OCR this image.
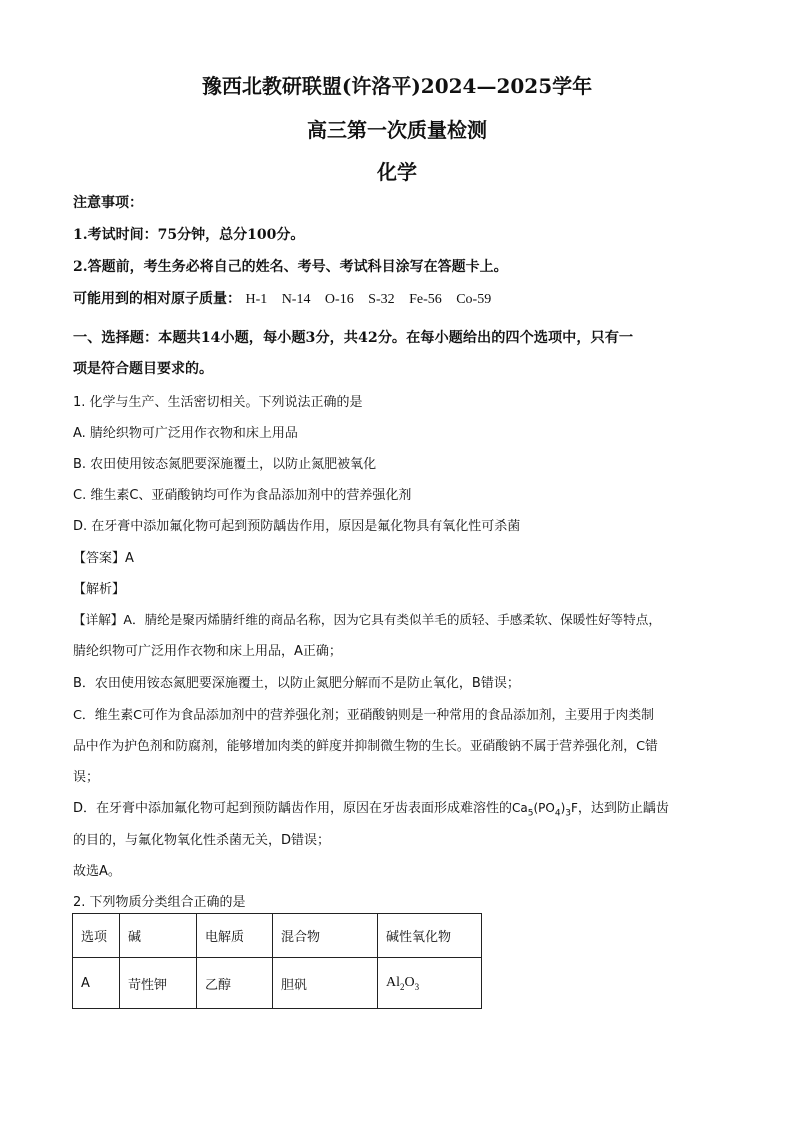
豫西北教研联盟(许洛平)2024—2025学年
高三第一次质量检测
化学
注意事项：
1.考试时间：75分钟，总分100分。
2.答题前，考生务必将自己的姓名、考号、考试科目涂写在答题卡上。
可能用到的相对原子质量： H-1 N-14 O-16 S-32 Fe-56 Co-59
一、选择题：本题共14小题，每小题3分，共42分。在每小题给出的四个选项中，只有一
项是符合题目要求的。
1. 化学与生产、生活密切相关。下列说法正确的是
A. 腈纶织物可广泛用作衣物和床上用品
B. 农田使用铵态氮肥要深施覆土，以防止氮肥被氧化
C. 维生素C、亚硝酸钠均可作为食品添加剂中的营养强化剂
D. 在牙膏中添加氟化物可起到预防龋齿作用，原因是氟化物具有氧化性可杀菌
【答案】A
【解析】
【详解】A．腈纶是聚丙烯腈纤维的商品名称，因为它具有类似羊毛的质轻、手感柔软、保暖性好等特点，
腈纶织物可广泛用作衣物和床上用品，A正确；
B．农田使用铵态氮肥要深施覆土，以防止氮肥分解而不是防止氧化，B错误；
C．维生素C可作为食品添加剂中的营养强化剂；亚硝酸钠则是一种常用的食品添加剂，主要用于肉类制
品中作为护色剂和防腐剂，能够增加肉类的鲜度并抑制微生物的生长。亚硝酸钠不属于营养强化剂，C错
误；
D．在牙膏中添加氟化物可起到预防龋齿作用，原因在牙齿表面形成难溶性的$Ca_5(PO_4)_3F$，达到防止龋齿
的目的，与氟化物氧化性杀菌无关，D错误；
故选A。
2. 下列物质分类组合正确的是
选项	碱	电解质	混合物	碱性氧化物
A	苛性钾	乙醇	胆矾	$Al_2O_3$
